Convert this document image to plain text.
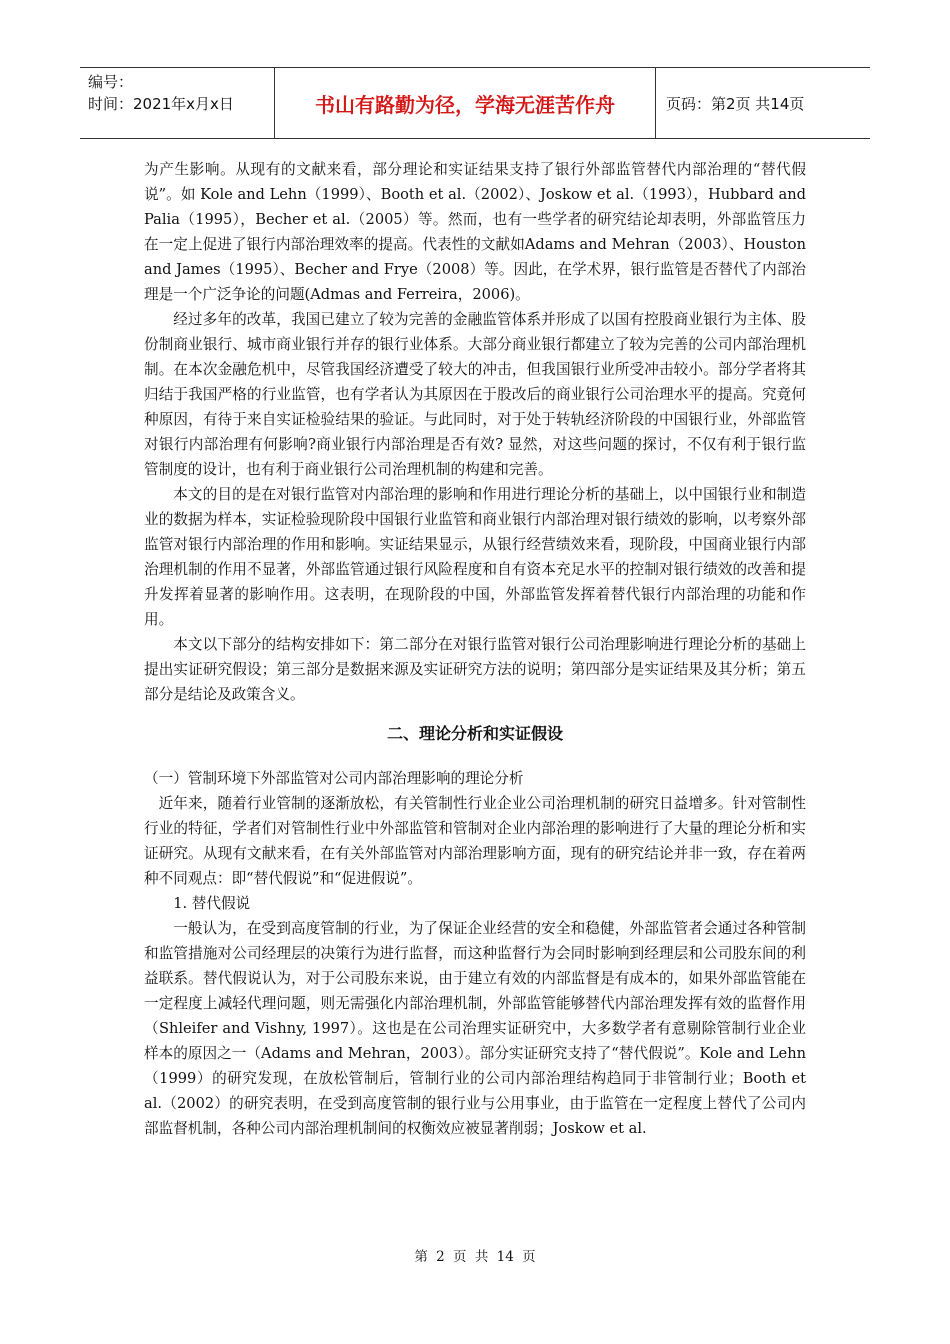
编号：
时间：2021年x月x日	书山有路勤为径，学海无涯苦作舟	页码：第2页 共14页

为产生影响。从现有的文献来看，部分理论和实证结果支持了银行外部监管替代内部治理的“替代假说”。如 Kole and Lehn（1999）、Booth et al.（2002）、Joskow et al.（1993），Hubbard and Palia（1995），Becher et al.（2005）等。然而，也有一些学者的研究结论却表明，外部监管压力在一定上促进了银行内部治理效率的提高。代表性的文献如Adams and Mehran（2003）、Houston and James（1995）、Becher and Frye（2008）等。因此，在学术界，银行监管是否替代了内部治理是一个广泛争论的问题(Admas and Ferreira，2006)。

经过多年的改革，我国已建立了较为完善的金融监管体系并形成了以国有控股商业银行为主体、股份制商业银行、城市商业银行并存的银行业体系。大部分商业银行都建立了较为完善的公司内部治理机制。在本次金融危机中，尽管我国经济遭受了较大的冲击，但我国银行业所受冲击较小。部分学者将其归结于我国严格的行业监管，也有学者认为其原因在于股改后的商业银行公司治理水平的提高。究竟何种原因，有待于来自实证检验结果的验证。与此同时，对于处于转轨经济阶段的中国银行业，外部监管对银行内部治理有何影响?商业银行内部治理是否有效? 显然，对这些问题的探讨，不仅有利于银行监管制度的设计，也有利于商业银行公司治理机制的构建和完善。

本文的目的是在对银行监管对内部治理的影响和作用进行理论分析的基础上，以中国银行业和制造业的数据为样本，实证检验现阶段中国银行业监管和商业银行内部治理对银行绩效的影响，以考察外部监管对银行内部治理的作用和影响。实证结果显示，从银行经营绩效来看，现阶段，中国商业银行内部治理机制的作用不显著，外部监管通过银行风险程度和自有资本充足水平的控制对银行绩效的改善和提升发挥着显著的影响作用。这表明，在现阶段的中国，外部监管发挥着替代银行内部治理的功能和作用。

本文以下部分的结构安排如下：第二部分在对银行监管对银行公司治理影响进行理论分析的基础上提出实证研究假设；第三部分是数据来源及实证研究方法的说明；第四部分是实证结果及其分析；第五部分是结论及政策含义。

二、理论分析和实证假设

（一）管制环境下外部监管对公司内部治理影响的理论分析

近年来，随着行业管制的逐渐放松，有关管制性行业企业公司治理机制的研究日益增多。针对管制性行业的特征，学者们对管制性行业中外部监管和管制对企业内部治理的影响进行了大量的理论分析和实证研究。从现有文献来看，在有关外部监管对内部治理影响方面，现有的研究结论并非一致，存在着两种不同观点：即“替代假说”和“促进假说”。

1. 替代假说

一般认为，在受到高度管制的行业，为了保证企业经营的安全和稳健，外部监管者会通过各种管制和监管措施对公司经理层的决策行为进行监督，而这种监督行为会同时影响到经理层和公司股东间的利益联系。替代假说认为，对于公司股东来说，由于建立有效的内部监督是有成本的，如果外部监管能在一定程度上减轻代理问题，则无需强化内部治理机制，外部监管能够替代内部治理发挥有效的监督作用（Shleifer and Vishny, 1997）。这也是在公司治理实证研究中，大多数学者有意剔除管制行业企业样本的原因之一（Adams and Mehran，2003）。部分实证研究支持了“替代假说”。Kole and Lehn（1999）的研究发现，在放松管制后，管制行业的公司内部治理结构趋同于非管制行业；Booth et al.（2002）的研究表明，在受到高度管制的银行业与公用事业，由于监管在一定程度上替代了公司内部监督机制，各种公司内部治理机制间的权衡效应被显著削弱；Joskow et al.

第 2 页 共 14 页
